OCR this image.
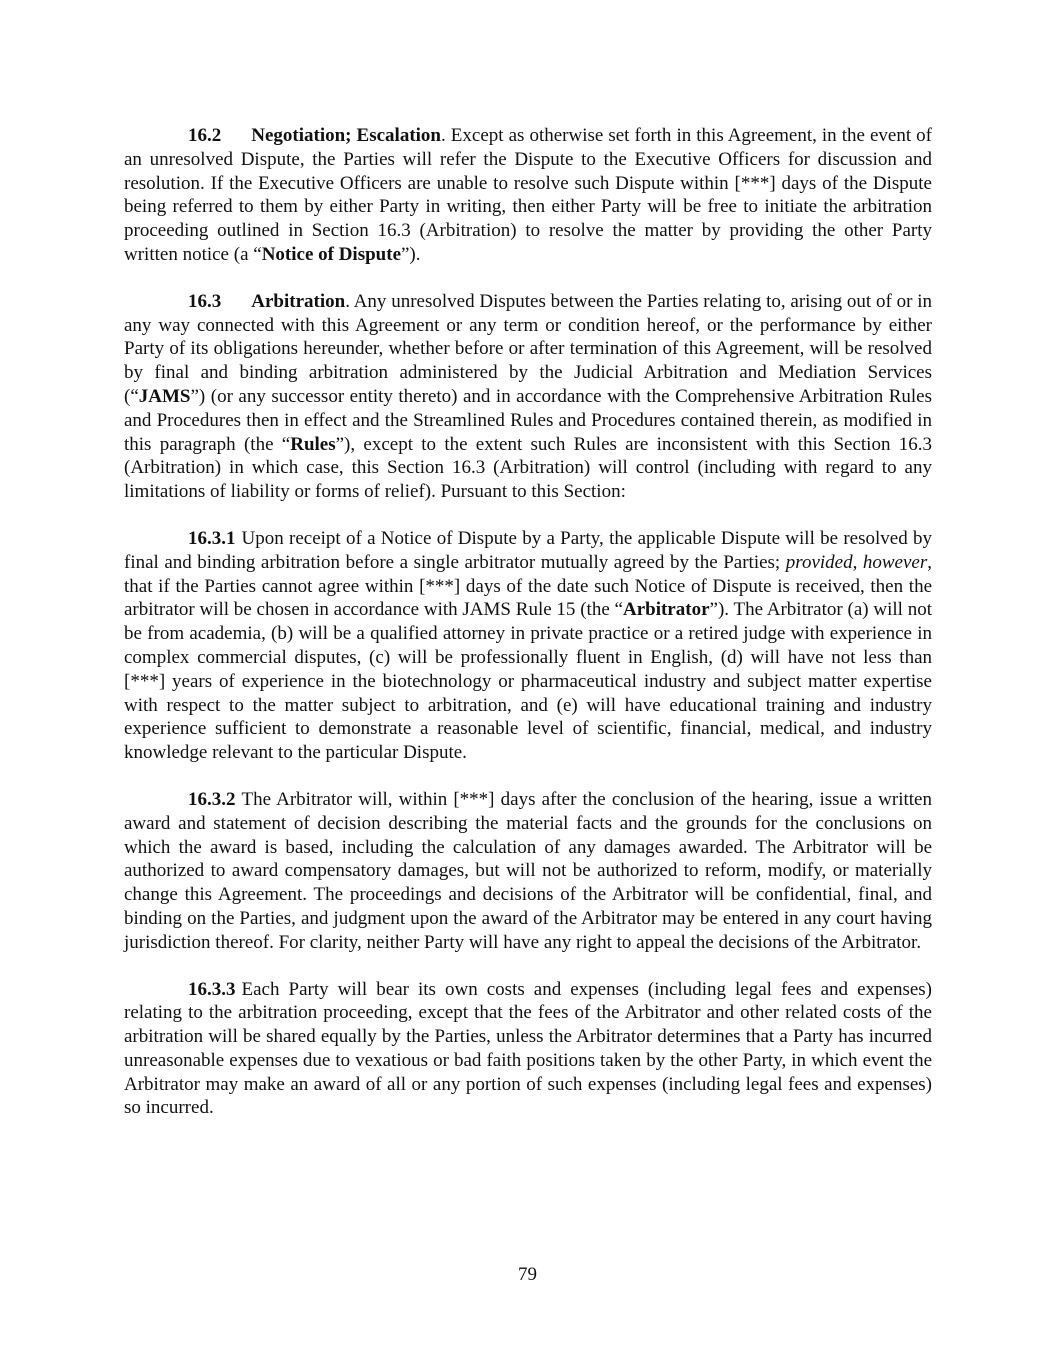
16.2 Negotiation; Escalation. Except as otherwise set forth in this Agreement, in the event of an unresolved Dispute, the Parties will refer the Dispute to the Executive Officers for discussion and resolution. If the Executive Officers are unable to resolve such Dispute within [***] days of the Dispute being referred to them by either Party in writing, then either Party will be free to initiate the arbitration proceeding outlined in Section 16.3 (Arbitration) to resolve the matter by providing the other Party written notice (a “Notice of Dispute”).

16.3 Arbitration. Any unresolved Disputes between the Parties relating to, arising out of or in any way connected with this Agreement or any term or condition hereof, or the performance by either Party of its obligations hereunder, whether before or after termination of this Agreement, will be resolved by final and binding arbitration administered by the Judicial Arbitration and Mediation Services (“JAMS”) (or any successor entity thereto) and in accordance with the Comprehensive Arbitration Rules and Procedures then in effect and the Streamlined Rules and Procedures contained therein, as modified in this paragraph (the “Rules”), except to the extent such Rules are inconsistent with this Section 16.3 (Arbitration) in which case, this Section 16.3 (Arbitration) will control (including with regard to any limitations of liability or forms of relief). Pursuant to this Section:

16.3.1 Upon receipt of a Notice of Dispute by a Party, the applicable Dispute will be resolved by final and binding arbitration before a single arbitrator mutually agreed by the Parties; provided, however, that if the Parties cannot agree within [***] days of the date such Notice of Dispute is received, then the arbitrator will be chosen in accordance with JAMS Rule 15 (the “Arbitrator”). The Arbitrator (a) will not be from academia, (b) will be a qualified attorney in private practice or a retired judge with experience in complex commercial disputes, (c) will be professionally fluent in English, (d) will have not less than [***] years of experience in the biotechnology or pharmaceutical industry and subject matter expertise with respect to the matter subject to arbitration, and (e) will have educational training and industry experience sufficient to demonstrate a reasonable level of scientific, financial, medical, and industry knowledge relevant to the particular Dispute.

16.3.2 The Arbitrator will, within [***] days after the conclusion of the hearing, issue a written award and statement of decision describing the material facts and the grounds for the conclusions on which the award is based, including the calculation of any damages awarded. The Arbitrator will be authorized to award compensatory damages, but will not be authorized to reform, modify, or materially change this Agreement. The proceedings and decisions of the Arbitrator will be confidential, final, and binding on the Parties, and judgment upon the award of the Arbitrator may be entered in any court having jurisdiction thereof. For clarity, neither Party will have any right to appeal the decisions of the Arbitrator.

16.3.3 Each Party will bear its own costs and expenses (including legal fees and expenses) relating to the arbitration proceeding, except that the fees of the Arbitrator and other related costs of the arbitration will be shared equally by the Parties, unless the Arbitrator determines that a Party has incurred unreasonable expenses due to vexatious or bad faith positions taken by the other Party, in which event the Arbitrator may make an award of all or any portion of such expenses (including legal fees and expenses) so incurred.

79
